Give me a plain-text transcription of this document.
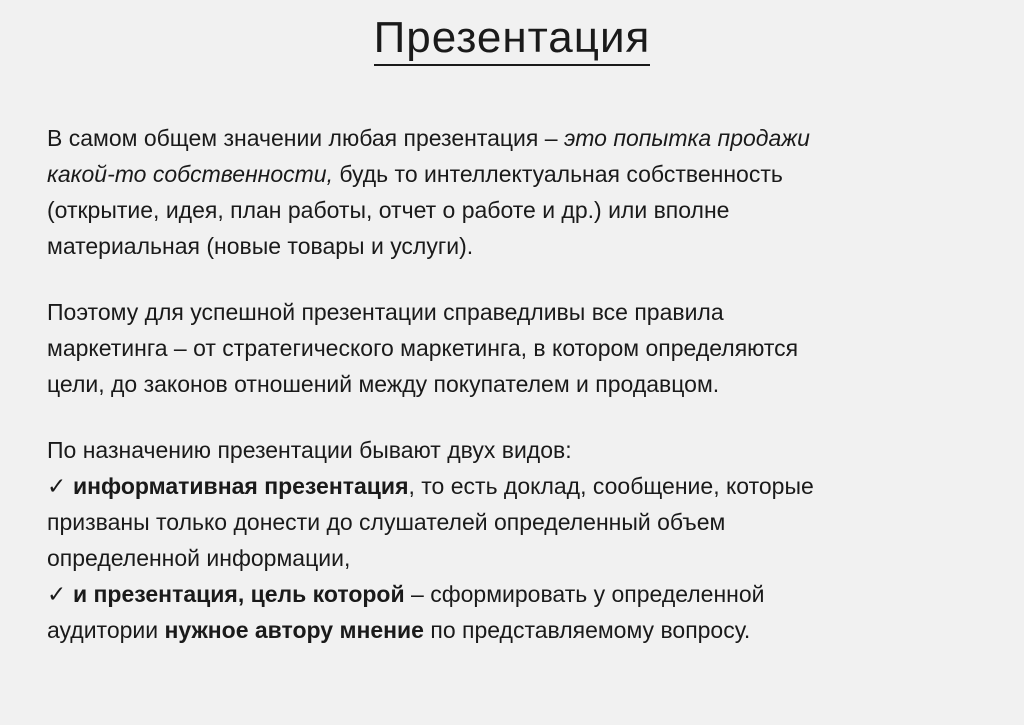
Презентация

В самом общем значении любая презентация – это попытка продажи
какой-то собственности, будь то интеллектуальная собственность
(открытие, идея, план работы, отчет о работе и др.) или вполне
материальная (новые товары и услуги).

Поэтому для успешной презентации справедливы все правила
маркетинга – от стратегического маркетинга, в котором определяются
цели, до законов отношений между покупателем и продавцом.

По назначению презентации бывают двух видов:
✓ информативная презентация, то есть доклад, сообщение, которые
призваны только донести до слушателей определенный объем
определенной информации,
✓ и презентация, цель которой – сформировать у определенной
аудитории нужное автору мнение по представляемому вопросу.
